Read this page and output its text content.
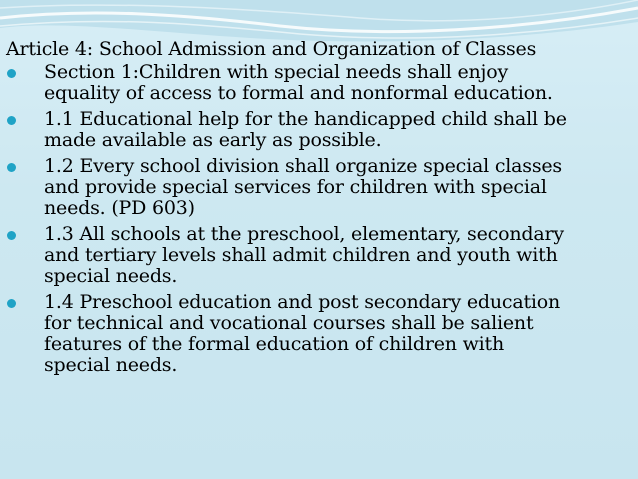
Article 4: School Admission and Organization of Classes
Section 1:Children with special needs shall enjoy
equality of access to formal and nonformal education.
1.1 Educational help for the handicapped child shall be
made available as early as possible.
1.2 Every school division shall organize special classes
and provide special services for children with special
needs. (PD 603)
1.3 All schools at the preschool, elementary, secondary
and tertiary levels shall admit children and youth with
special needs.
1.4 Preschool education and post secondary education
for technical and vocational courses shall be salient
features of the formal education of children with
special needs.
